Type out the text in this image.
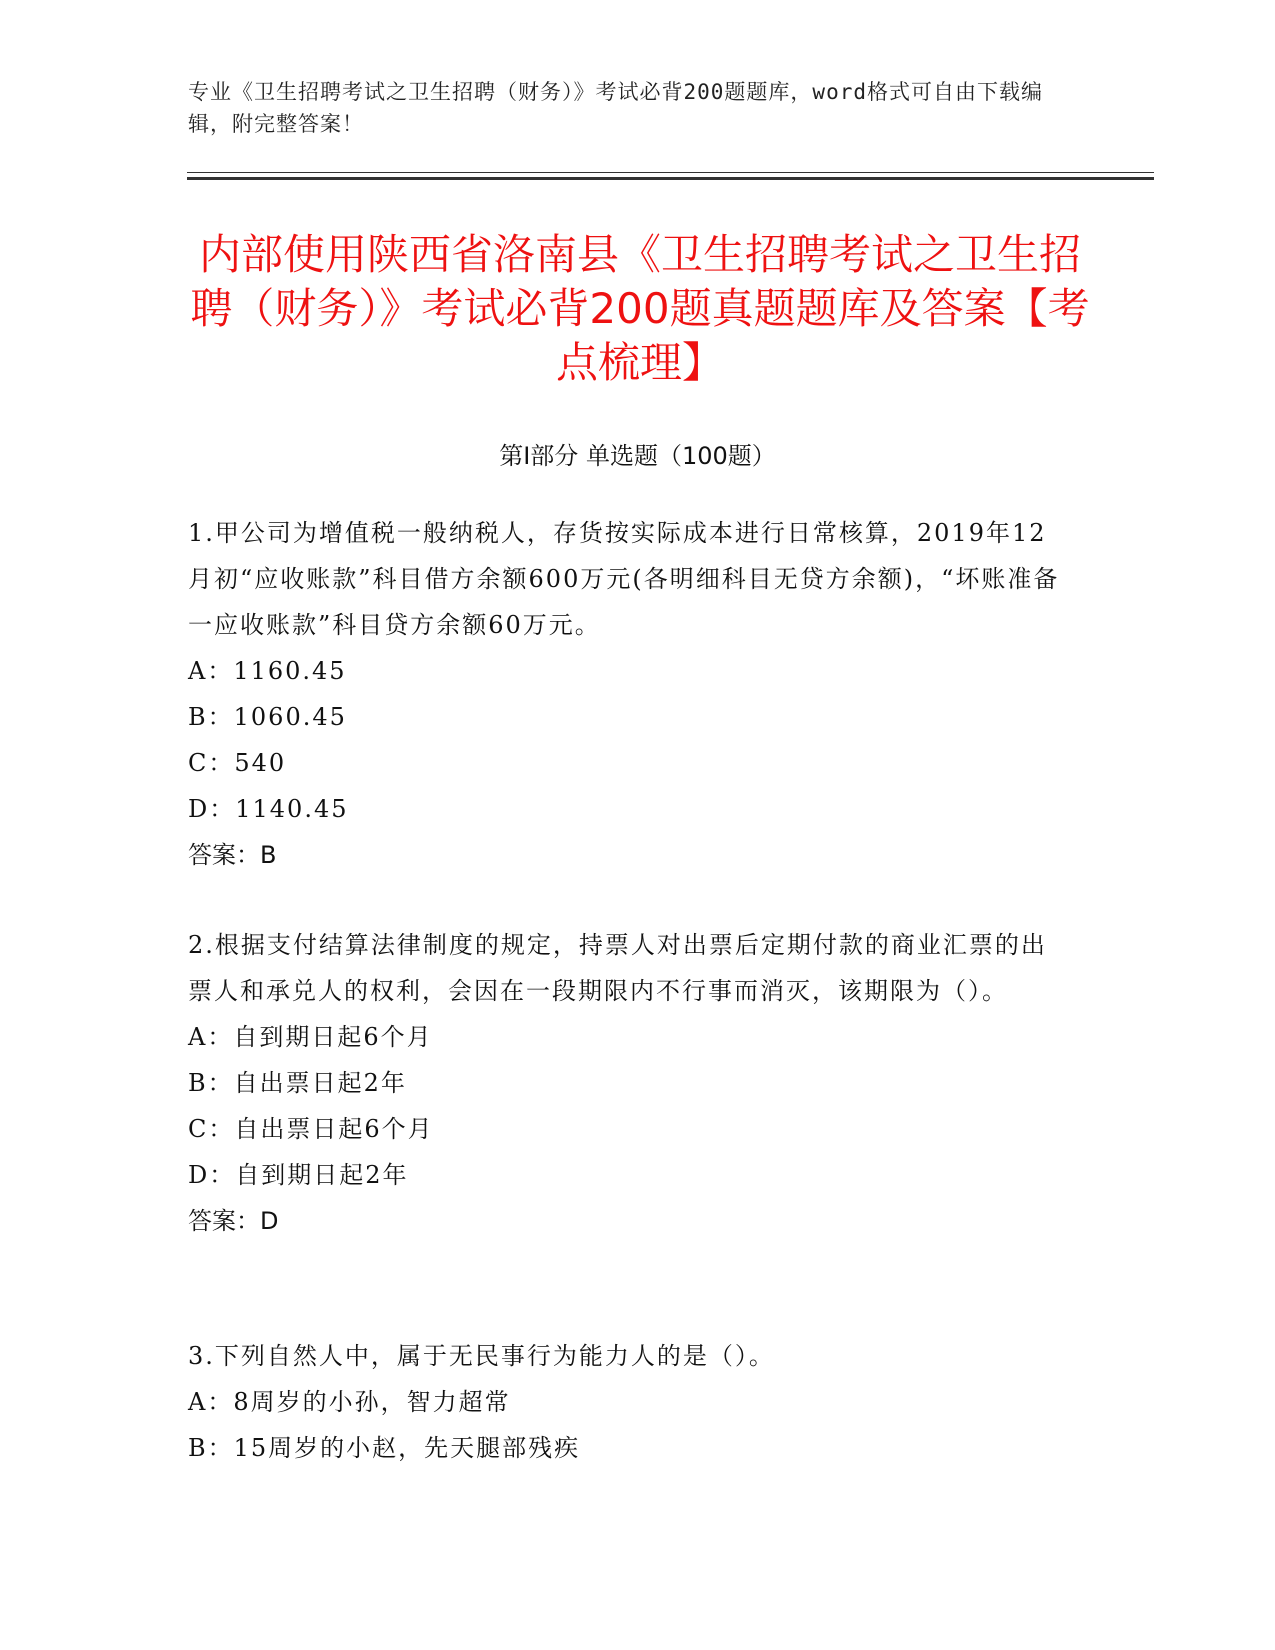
专业《卫生招聘考试之卫生招聘（财务）》考试必背200题题库，word格式可自由下载编辑，附完整答案！
内部使用陕西省洛南县《卫生招聘考试之卫生招聘（财务）》考试必背200题真题题库及答案【考点梳理】
第Ⅰ部分 单选题（100题）
1.甲公司为增值税一般纳税人，存货按实际成本进行日常核算，2019年12月初“应收账款”科目借方余额600万元(各明细科目无贷方余额)，“坏账准备一应收账款”科目贷方余额60万元。
A：1160.45
B：1060.45
C：540
D：1140.45
答案：B
2.根据支付结算法律制度的规定，持票人对出票后定期付款的商业汇票的出票人和承兑人的权利，会因在一段期限内不行事而消灭，该期限为（）。
A：自到期日起6个月
B：自出票日起2年
C：自出票日起6个月
D：自到期日起2年
答案：D
3.下列自然人中，属于无民事行为能力人的是（）。
A：8周岁的小孙，智力超常
B：15周岁的小赵，先天腿部残疾
